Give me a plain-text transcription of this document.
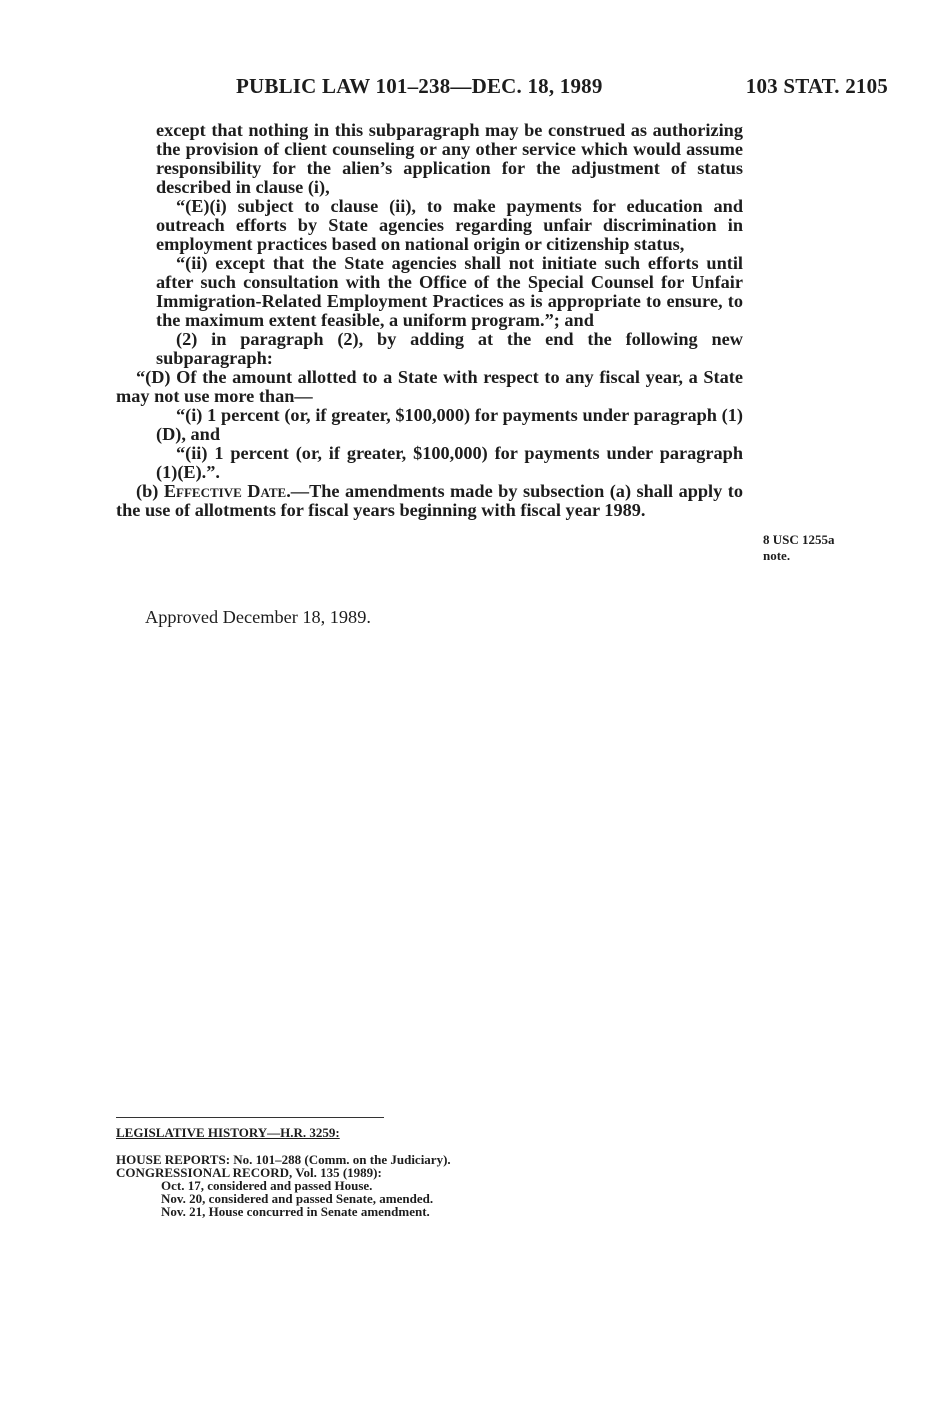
PUBLIC LAW 101–238—DEC. 18, 1989	103 STAT. 2105

except that nothing in this subparagraph may be construed as authorizing the provision of client counseling or any other service which would assume responsibility for the alien’s application for the adjustment of status described in clause (i),

“(E)(i) subject to clause (ii), to make payments for education and outreach efforts by State agencies regarding unfair discrimination in employment practices based on national origin or citizenship status,

“(ii) except that the State agencies shall not initiate such efforts until after such consultation with the Office of the Special Counsel for Unfair Immigration-Related Employment Practices as is appropriate to ensure, to the maximum extent feasible, a uniform program.”; and

(2) in paragraph (2), by adding at the end the following new subparagraph:

“(D) Of the amount allotted to a State with respect to any fiscal year, a State may not use more than—

“(i) 1 percent (or, if greater, $100,000) for payments under paragraph (1)(D), and

“(ii) 1 percent (or, if greater, $100,000) for payments under paragraph (1)(E).”.

(b) Effective Date.—The amendments made by subsection (a) shall apply to the use of allotments for fiscal years beginning with fiscal year 1989.

8 USC 1255a
note.
Approved December 18, 1989.
LEGISLATIVE HISTORY—H.R. 3259:
HOUSE REPORTS: No. 101–288 (Comm. on the Judiciary).
CONGRESSIONAL RECORD, Vol. 135 (1989):
Oct. 17, considered and passed House.
Nov. 20, considered and passed Senate, amended.
Nov. 21, House concurred in Senate amendment.
